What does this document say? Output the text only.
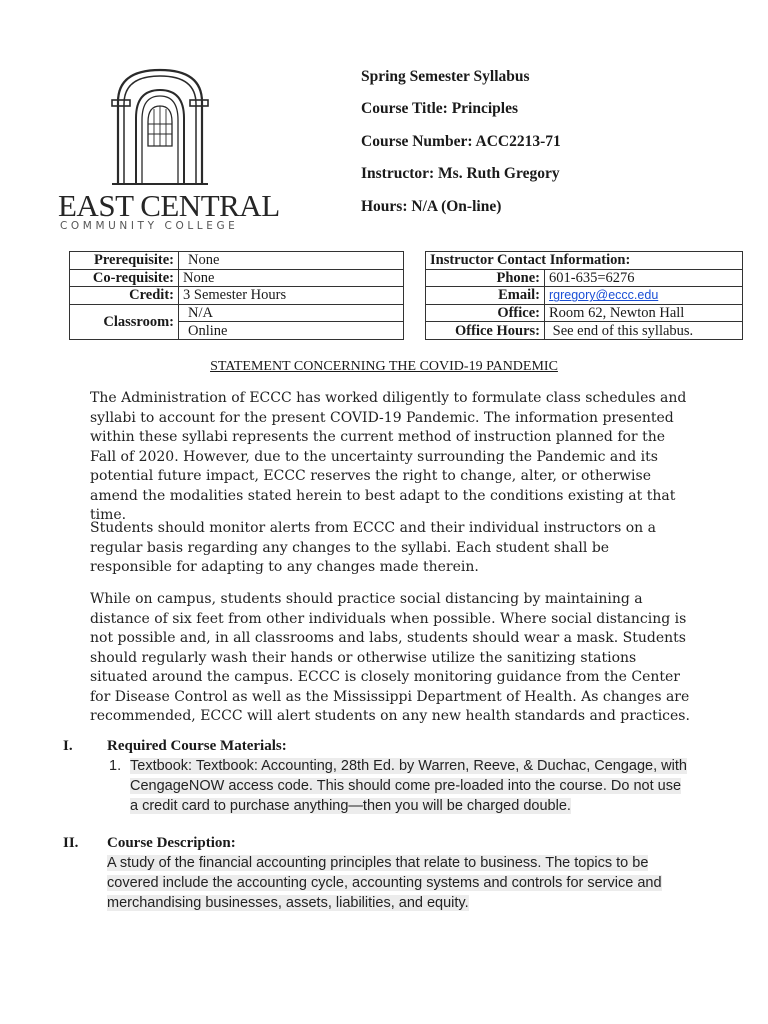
EAST CENTRAL
COMMUNITY COLLEGE
Spring Semester Syllabus
Course Title: Principles
Course Number: ACC2213-71
Instructor: Ms. Ruth Gregory
Hours: N/A (On-line)
Prerequisite:	None
Co-requisite:	None
Credit:	3 Semester Hours
Classroom:	N/A
	Online
Instructor Contact Information:	
Phone:	601-635=6276
Email:	rgregory@eccc.edu
Office:	Room 62, Newton Hall
Office Hours:	See end of this syllabus.
STATEMENT CONCERNING THE COVID-19 PANDEMIC
The Administration of ECCC has worked diligently to formulate class schedules and syllabi to account for the present COVID-19 Pandemic. The information presented within these syllabi represents the current method of instruction planned for the Fall of 2020. However, due to the uncertainty surrounding the Pandemic and its potential future impact, ECCC reserves the right to change, alter, or otherwise amend the modalities stated herein to best adapt to the conditions existing at that time.
Students should monitor alerts from ECCC and their individual instructors on a regular basis regarding any changes to the syllabi. Each student shall be responsible for adapting to any changes made therein.
While on campus, students should practice social distancing by maintaining a distance of six feet from other individuals when possible. Where social distancing is not possible and, in all classrooms and labs, students should wear a mask. Students should regularly wash their hands or otherwise utilize the sanitizing stations situated around the campus. ECCC is closely monitoring guidance from the Center for Disease Control as well as the Mississippi Department of Health. As changes are recommended, ECCC will alert students on any new health standards and practices.
I. Required Course Materials:
1. Textbook: Textbook: Accounting, 28th Ed. by Warren, Reeve, & Duchac, Cengage, with CengageNOW access code. This should come pre-loaded into the course. Do not use a credit card to purchase anything—then you will be charged double.
II. Course Description:
A study of the financial accounting principles that relate to business. The topics to be covered include the accounting cycle, accounting systems and controls for service and merchandising businesses, assets, liabilities, and equity.
